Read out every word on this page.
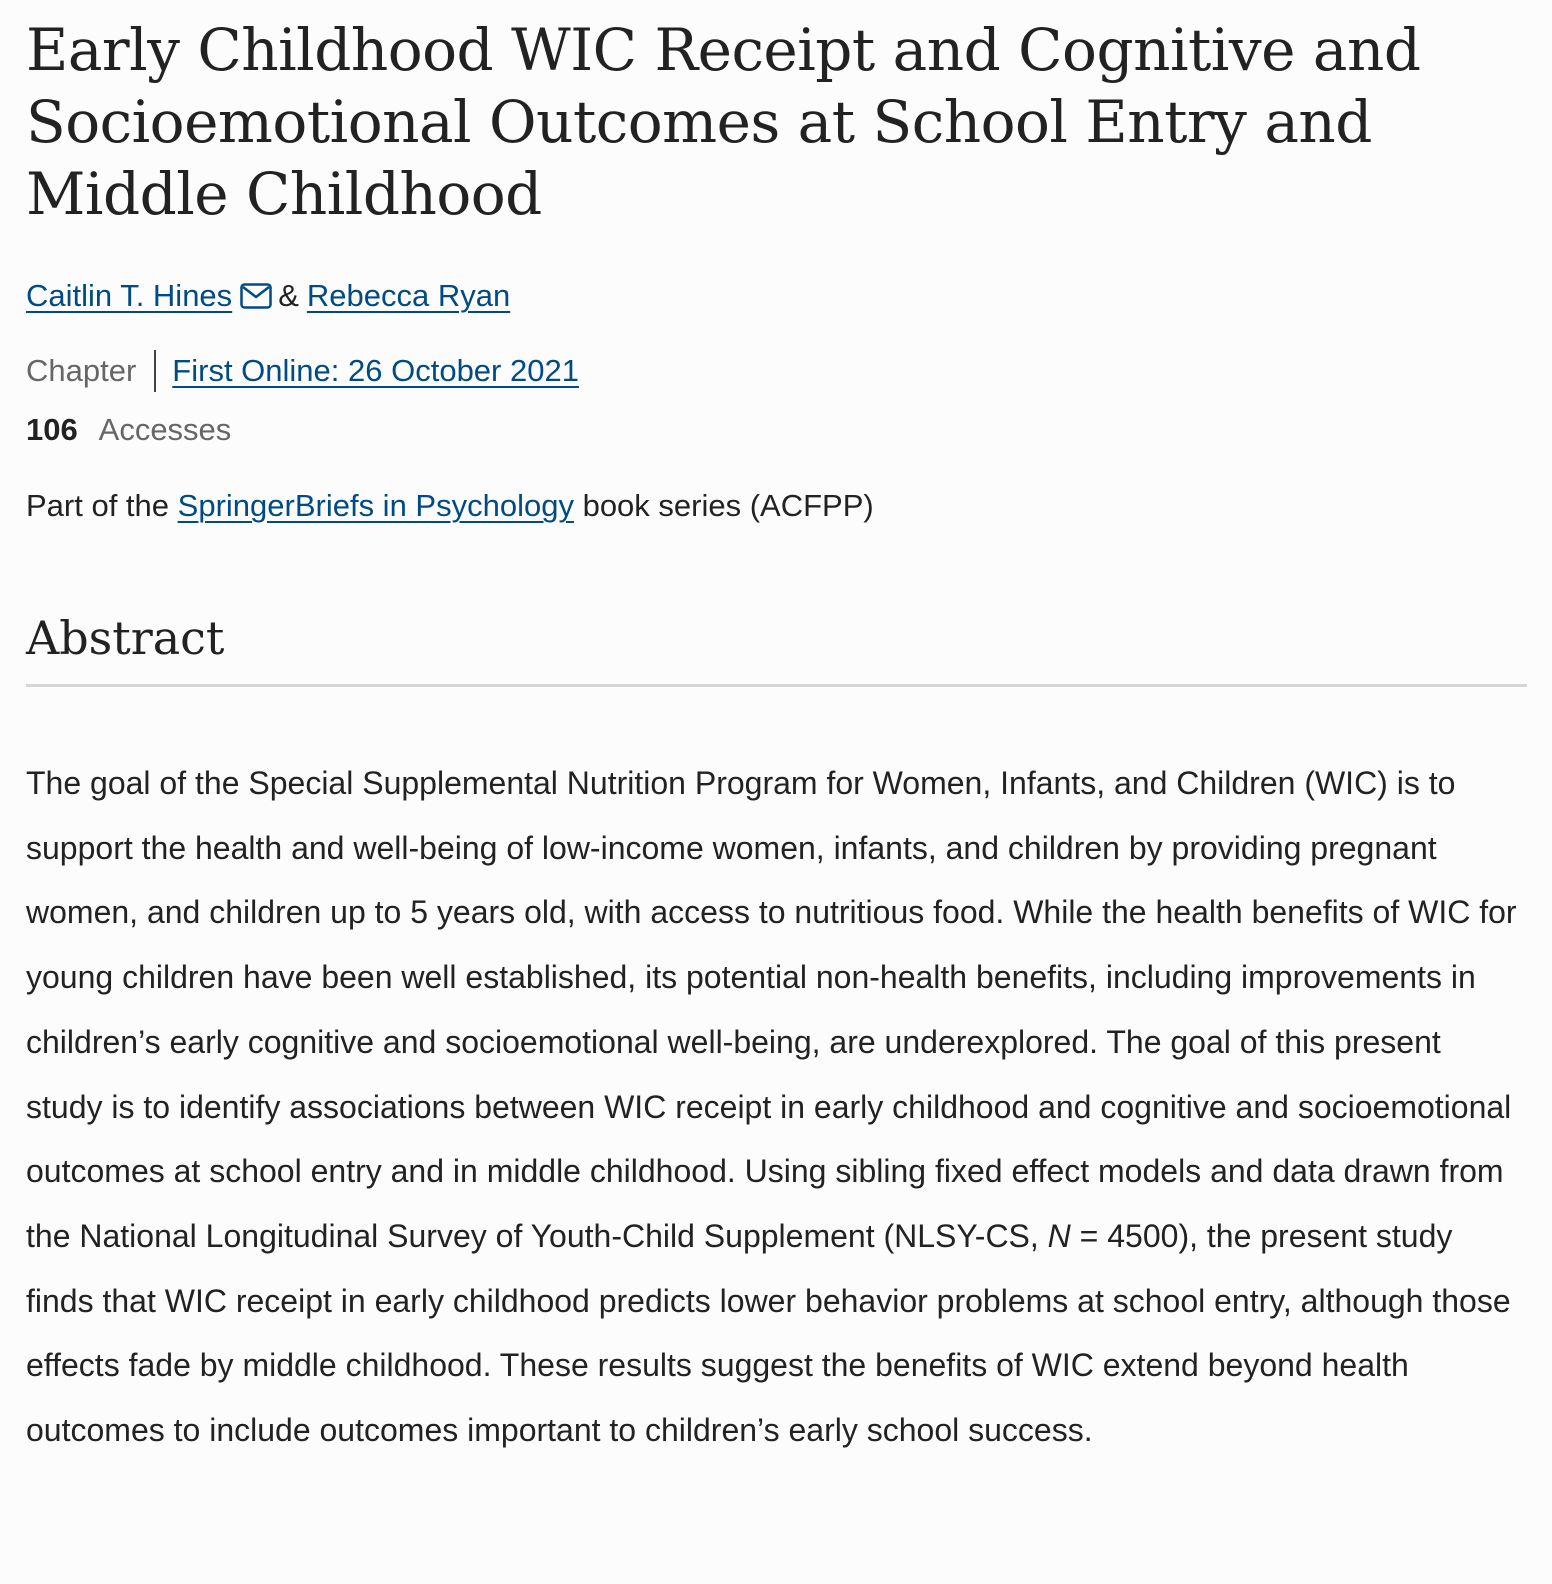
Early Childhood WIC Receipt and Cognitive and Socioemotional Outcomes at School Entry and Middle Childhood
Caitlin T. Hines & Rebecca Ryan
Chapter First Online: 26 October 2021
106 Accesses
Part of the SpringerBriefs in Psychology book series (ACFPP)
Abstract

The goal of the Special Supplemental Nutrition Program for Women, Infants, and Children (WIC) is to support the health and well-being of low-income women, infants, and children by providing pregnant women, and children up to 5 years old, with access to nutritious food. While the health benefits of WIC for young children have been well established, its potential non-health benefits, including improvements in children’s early cognitive and socioemotional well-being, are underexplored. The goal of this present study is to identify associations between WIC receipt in early childhood and cognitive and socioemotional outcomes at school entry and in middle childhood. Using sibling fixed effect models and data drawn from the National Longitudinal Survey of Youth-Child Supplement (NLSY-CS, N = 4500), the present study finds that WIC receipt in early childhood predicts lower behavior problems at school entry, although those effects fade by middle childhood. These results suggest the benefits of WIC extend beyond health outcomes to include outcomes important to children’s early school success.
